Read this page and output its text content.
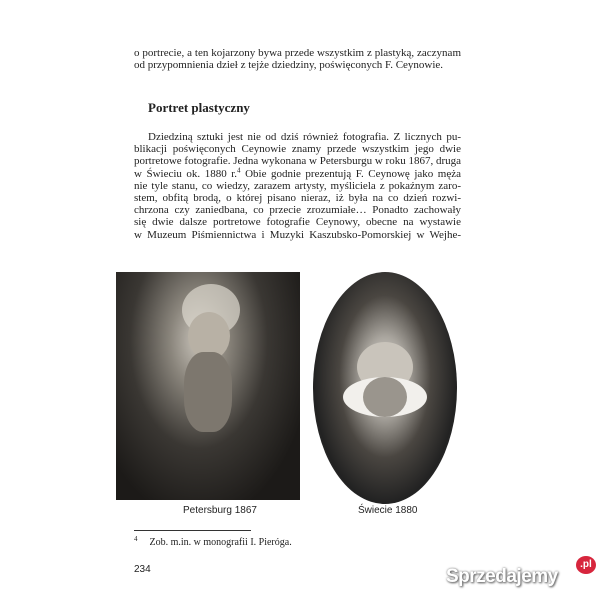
o portrecie, a ten kojarzony bywa przede wszystkim z plastyką, zaczynam
od przypomnienia dzieł z tejże dziedziny, poświęconych F. Ceynowie.
Portret plastyczny
Dziedziną sztuki jest nie od dziś również fotografia. Z licznych pu-
blikacji poświęconych Ceynowie znamy przede wszystkim jego dwie
portretowe fotografie. Jedna wykonana w Petersburgu w roku 1867, druga
w Świeciu ok. 1880 r.$^4$ Obie godnie prezentują F. Ceynowę jako męża
nie tyle stanu, co wiedzy, zarazem artysty, myśliciela z pokaźnym zaro-
stem, obfitą brodą, o której pisano nieraz, iż była na co dzień rozwi-
chrzona czy zaniedbana, co przecie zrozumiałe… Ponadto zachowały
się dwie dalsze portretowe fotografie Ceynowy, obecne na wystawie
w Muzeum Piśmiennictwa i Muzyki Kaszubsko-Pomorskiej w Wejhe-
Petersburg 1867	Świecie 1880
$^4$ Zob. m.in. w monografii I. Pieróga.
234	Sprzedajemy
.pl
